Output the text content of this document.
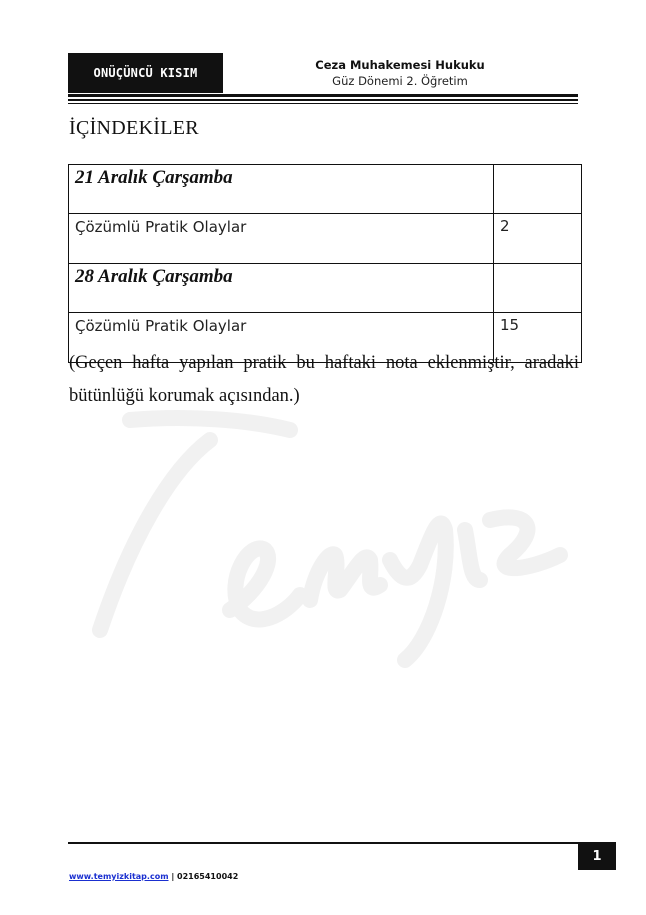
ONÜÇÜNCÜ KISIM
Ceza Muhakemesi Hukuku
Güz Dönemi 2. Öğretim
İÇİNDEKİLER
21 Aralık Çarşamba	
Çözümlü Pratik Olaylar	2
28 Aralık Çarşamba	
Çözümlü Pratik Olaylar	15
(Geçen hafta yapılan pratik bu haftaki nota eklenmiştir, aradaki bütünlüğü korumak açısından.)
1
www.temyizkitap.com | 02165410042
